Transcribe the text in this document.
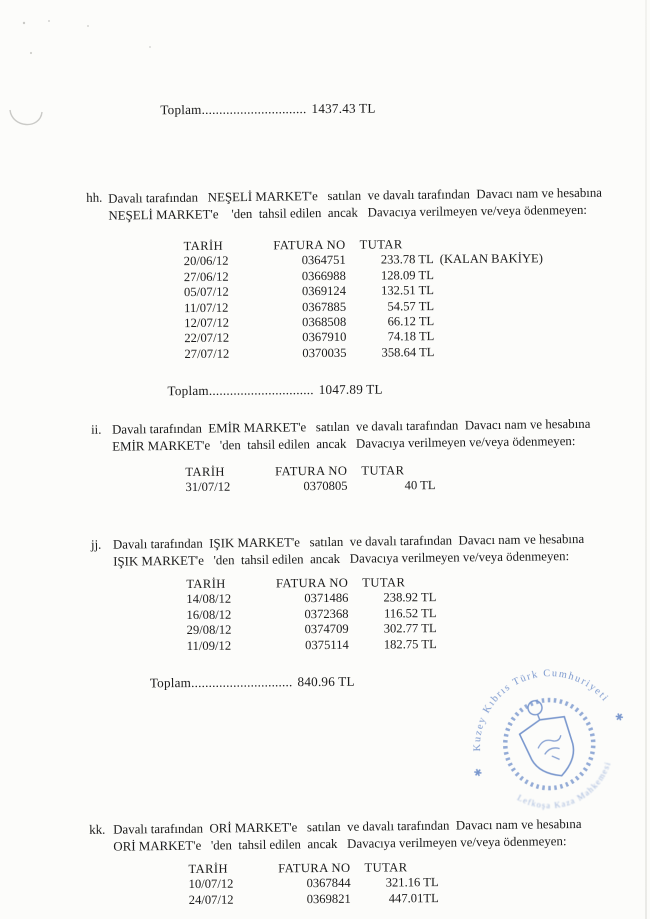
Toplam.............................. 1437.43 TL

hh. Davalı tarafından   NEŞELİ MARKET'e   satılan  ve davalı tarafından  Davacı nam ve hesabına
NEŞELİ MARKET'e    'den  tahsil edilen  ancak   Davacıya verilmeyen ve/veya ödenmeyen:
TARİH	FATURA NO	TUTAR
20/06/12	0364751	233.78 TL (KALAN BAKİYE)
27/06/12	0366988	128.09 TL
05/07/12	0369124	132.51 TL
11/07/12	0367885	54.57 TL
12/07/12	0368508	66.12 TL
22/07/12	0367910	74.18 TL
27/07/12	0370035	358.64 TL

Toplam.............................. 1047.89 TL

ii. Davalı tarafından  EMİR MARKET'e   satılan  ve davalı tarafından  Davacı nam ve hesabına
EMİR MARKET'e   'den  tahsil edilen  ancak   Davacıya verilmeyen ve/veya ödenmeyen:
TARİH	FATURA NO	TUTAR
31/07/12	0370805	40 TL
jj. Davalı tarafından  IŞIK MARKET'e   satılan  ve davalı tarafından  Davacı nam ve hesabına
IŞIK MARKET'e   'den  tahsil edilen  ancak   Davacıya verilmeyen ve/veya ödenmeyen:
TARİH	FATURA NO	TUTAR
14/08/12	0371486	238.92 TL
16/08/12	0372368	116.52 TL
29/08/12	0374709	302.77 TL
11/09/12	0375114	182.75 TL

Toplam............................. 840.96 TL

Kuzey Kıbrıs Türk Cumhuriyeti
Lefkoşa Kaza Mahkemesi
✱
✱
kk. Davalı tarafından  ORİ MARKET'e   satılan  ve davalı tarafından  Davacı nam ve hesabına
ORİ MARKET'e   'den  tahsil edilen  ancak   Davacıya verilmeyen ve/veya ödenmeyen:
TARİH	FATURA NO	TUTAR
10/07/12	0367844	321.16 TL
24/07/12	0369821	447.01TL
